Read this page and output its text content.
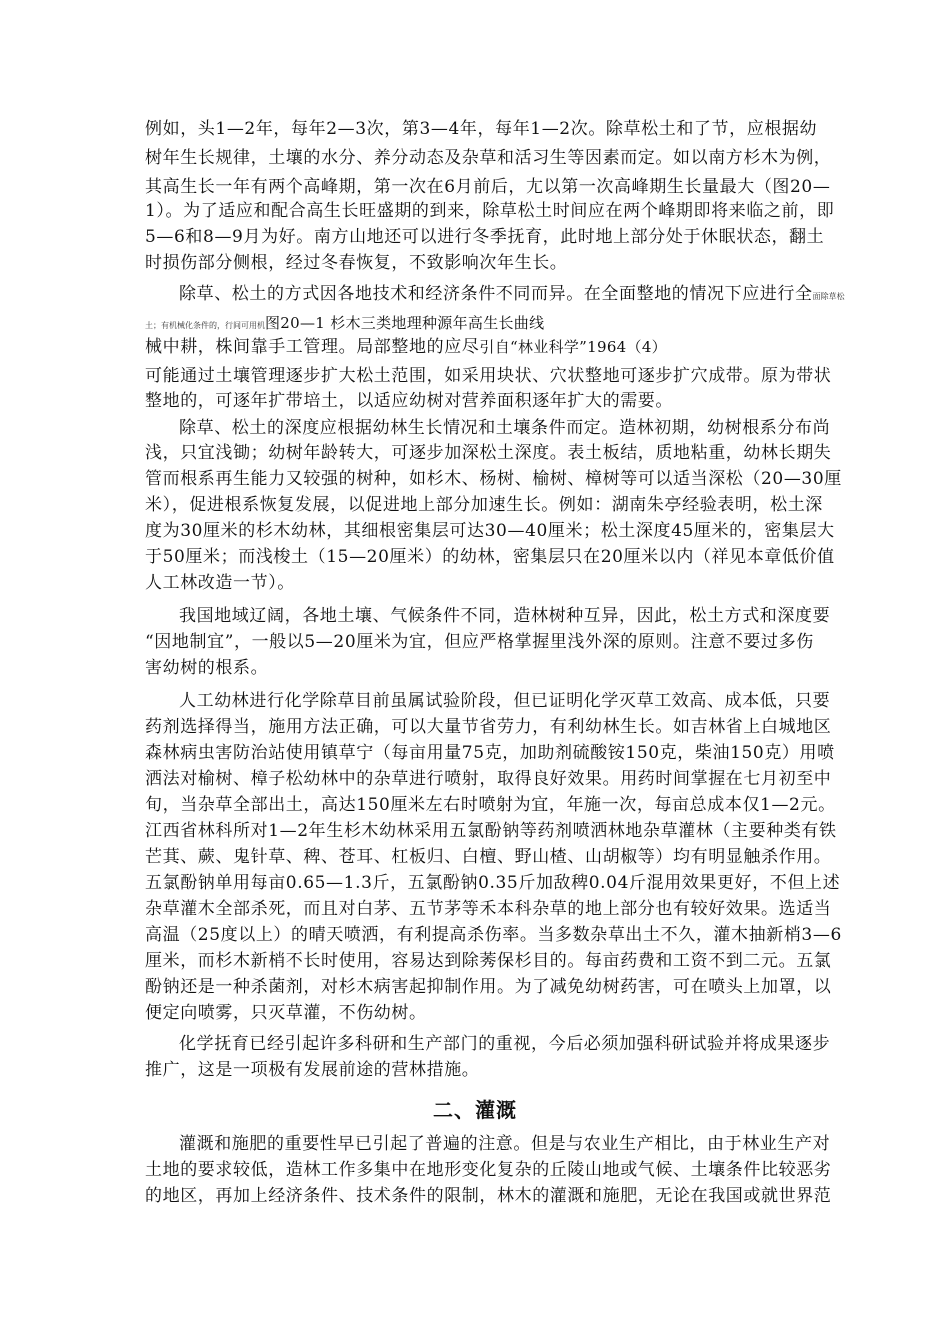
例如，头1—2年，每年2—3次，第3—4年，每年1—2次。除草松土和了节，应根据幼
树年生长规律，土壤的水分、养分动态及杂草和活习生等因素而定。如以南方杉木为例，
其高生长一年有两个高峰期，第一次在6月前后，尢以第一次高峰期生长量最大（图20—
1）。为了适应和配合高生长旺盛期的到来，除草松土时间应在两个峰期即将来临之前，即
5—6和8—9月为好。南方山地还可以进行冬季抚育，此时地上部分处于休眠状态，翻土
时损伤部分侧根，经过冬春恢复，不致影响次年生长。
除草、松土的方式因各地技术和经济条件不同而异。在全面整地的情况下应进行全面除草松
土；有机械化条件的，行间可用机图20—1 杉木三类地理种源年高生长曲线
械中耕，株间靠手工管理。局部整地的应尽引自“林业科学”1964（4）
可能通过土壤管理逐步扩大松土范围，如采用块状、穴状整地可逐步扩穴成带。原为带状
整地的，可逐年扩带培土，以适应幼树对营养面积逐年扩大的需要。
除草、松土的深度应根据幼林生长情况和土壤条件而定。造林初期，幼树根系分布尚
浅，只宜浅锄；幼树年龄转大，可逐步加深松土深度。表土板结，质地粘重，幼林长期失
管而根系再生能力又较强的树种，如杉木、杨树、榆树、樟树等可以适当深松（20—30厘
米），促进根系恢复发展，以促进地上部分加速生长。例如：湖南朱亭经验表明，松土深
度为30厘米的杉木幼林，其细根密集层可达30—40厘米；松土深度45厘米的，密集层大
于50厘米；而浅梭土（15—20厘米）的幼林，密集层只在20厘米以内（祥见本章低价值
人工林改造一节）。
我国地域辽阔，各地土壤、气候条件不同，造林树种互异，因此，松土方式和深度要
“因地制宜”，一般以5—20厘米为宜，但应严格掌握里浅外深的原则。注意不要过多伤
害幼树的根系。
人工幼林进行化学除草目前虽属试验阶段，但已证明化学灭草工效高、成本低，只要
药剂选择得当，施用方法正确，可以大量节省劳力，有利幼林生长。如吉林省上白城地区
森林病虫害防治站使用镇草宁（每亩用量75克，加助剂硫酸铵150克，柴油150克）用喷
洒法对榆树、樟子松幼林中的杂草进行喷射，取得良好效果。用药时间掌握在七月初至中
旬，当杂草全部出土，高达150厘米左右时喷射为宜，年施一次，每亩总成本仅1—2元。
江西省林科所对1—2年生杉木幼林采用五氯酚钠等药剂喷洒林地杂草灌林（主要种类有铁
芒萁、蕨、鬼针草、稗、苍耳、杠板归、白檀、野山楂、山胡椒等）均有明显触杀作用。
五氯酚钠单用每亩0.65—1.3斤，五氯酚钠0.35斤加敌稗0.04斤混用效果更好，不但上述
杂草灌木全部杀死，而且对白茅、五节茅等禾本科杂草的地上部分也有较好效果。选适当
高温（25度以上）的晴天喷洒，有利提高杀伤率。当多数杂草出土不久，灌木抽新梢3—6
厘米，而杉木新梢不长时使用，容易达到除莠保杉目的。每亩药费和工资不到二元。五氯
酚钠还是一种杀菌剂，对杉木病害起抑制作用。为了减免幼树药害，可在喷头上加罩，以
便定向喷雾，只灭草灌，不伤幼树。
化学抚育已经引起许多科研和生产部门的重视，今后必须加强科研试验并将成果逐步
推广，这是一项极有发展前途的营林措施。
二、灌溉
灌溉和施肥的重要性早已引起了普遍的注意。但是与农业生产相比，由于林业生产对
土地的要求较低，造林工作多集中在地形变化复杂的丘陵山地或气候、土壤条件比较恶劣
的地区，再加上经济条件、技术条件的限制，林木的灌溉和施肥，无论在我国或就世界范
